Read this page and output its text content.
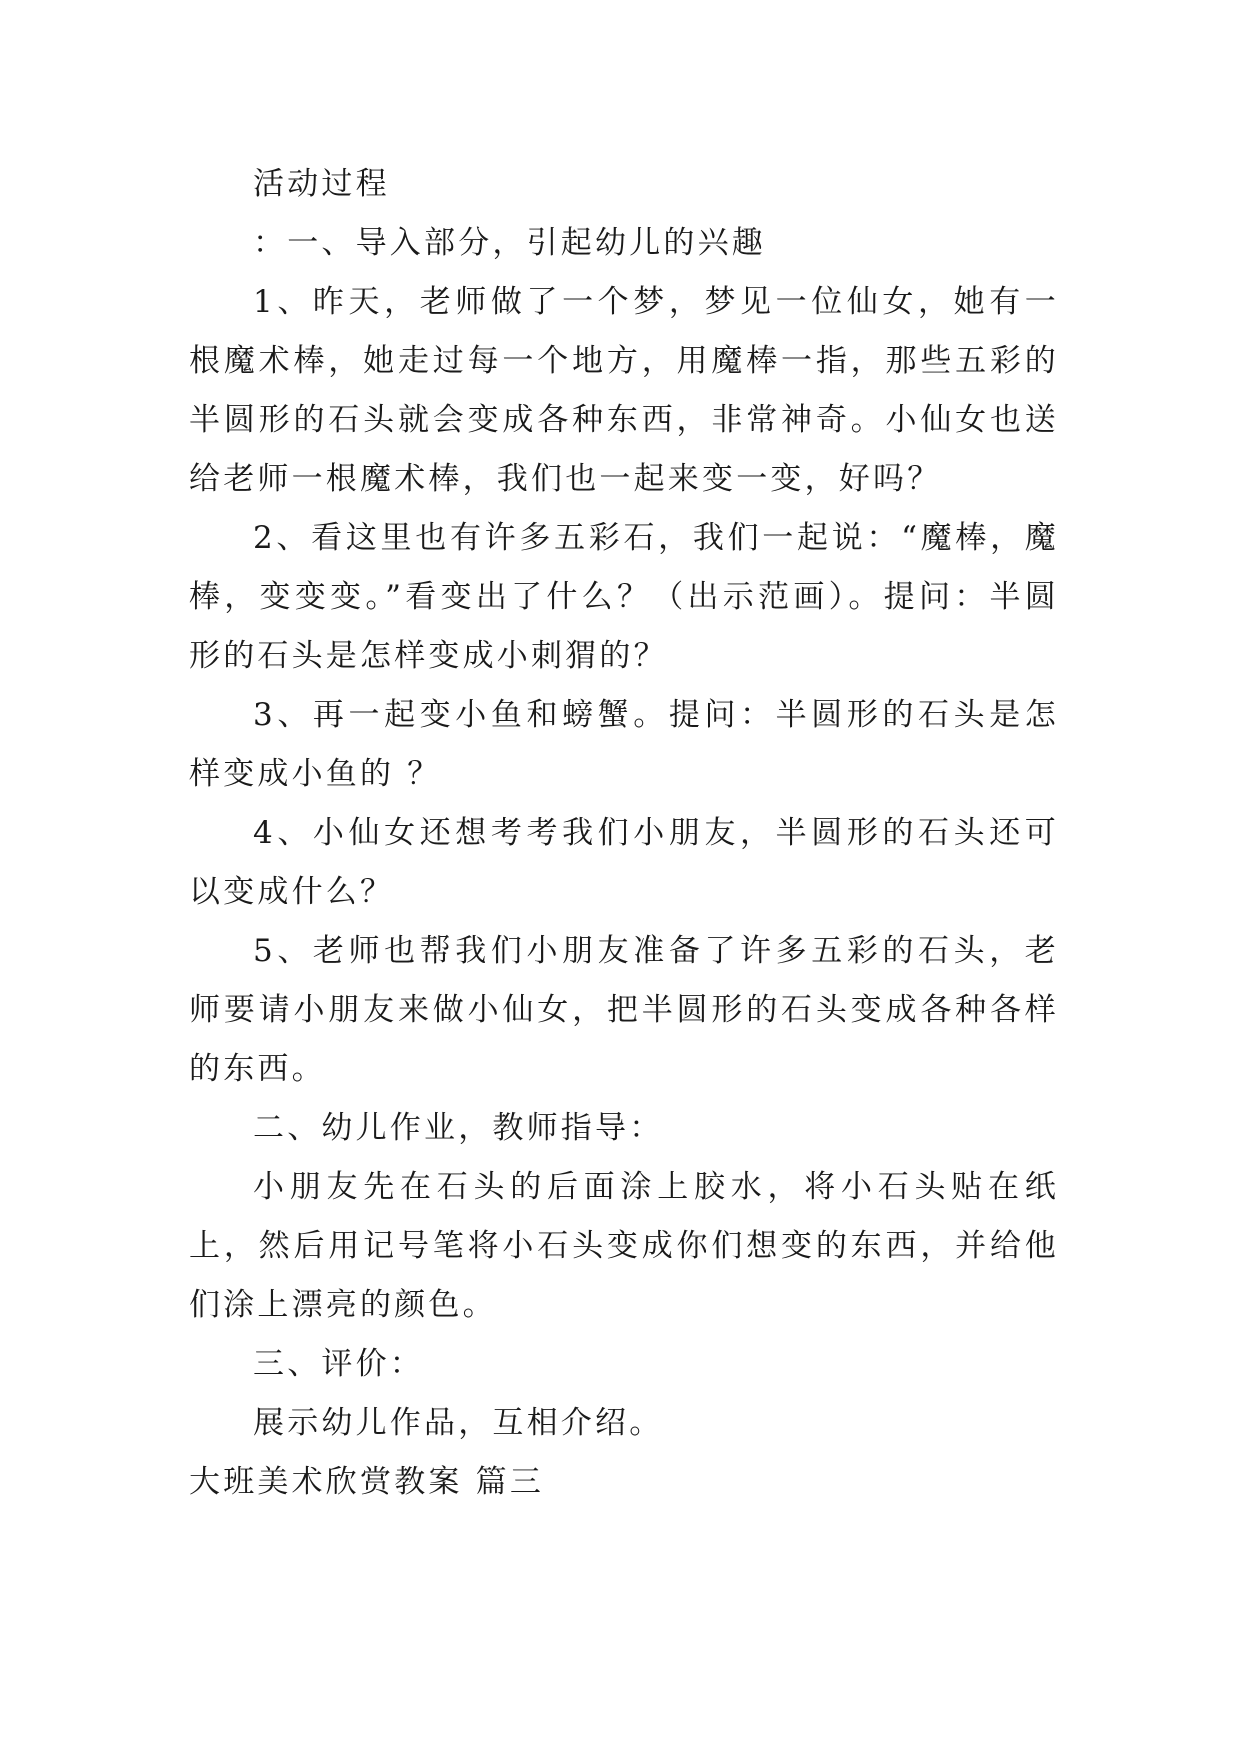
活动过程

：一、导入部分，引起幼儿的兴趣

1、昨天，老师做了一个梦，梦见一位仙女，她有一根魔术棒，她走过每一个地方，用魔棒一指，那些五彩的半圆形的石头就会变成各种东西，非常神奇。小仙女也送给老师一根魔术棒，我们也一起来变一变，好吗？

2、看这里也有许多五彩石，我们一起说：“魔棒，魔棒，变变变。”看变出了什么？（出示范画）。提问：半圆形的石头是怎样变成小刺猬的？

3、再一起变小鱼和螃蟹。提问：半圆形的石头是怎样变成小鱼的 ？

4、小仙女还想考考我们小朋友，半圆形的石头还可以变成什么？

5、老师也帮我们小朋友准备了许多五彩的石头，老师要请小朋友来做小仙女，把半圆形的石头变成各种各样的东西。

二、幼儿作业，教师指导：

小朋友先在石头的后面涂上胶水，将小石头贴在纸上，然后用记号笔将小石头变成你们想变的东西，并给他们涂上漂亮的颜色。

三、评价：

展示幼儿作品，互相介绍。

大班美术欣赏教案 篇三
